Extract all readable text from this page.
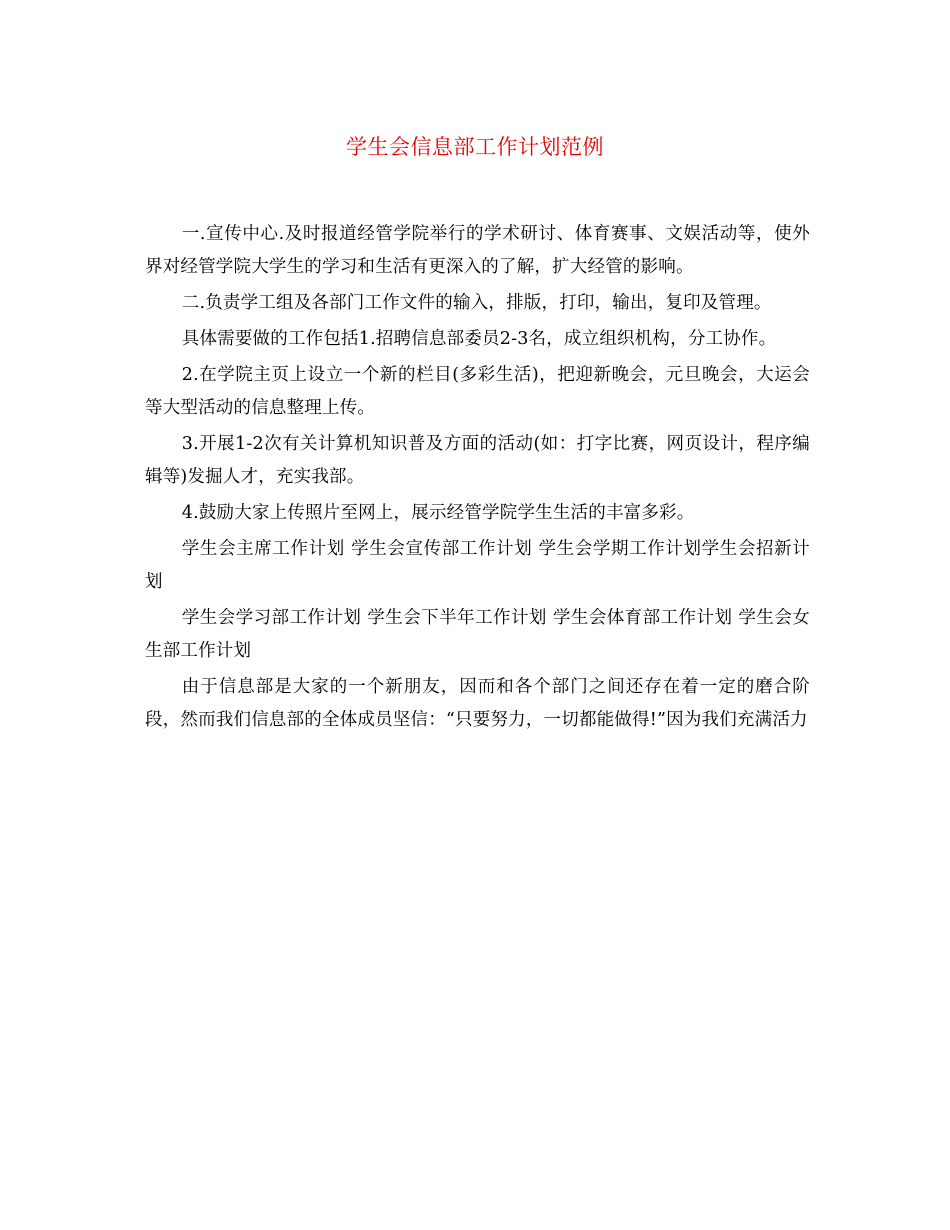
学生会信息部工作计划范例

一.宣传中心.及时报道经管学院举行的学术研讨、体育赛事、文娱活动等，使外界对经管学院大学生的学习和生活有更深入的了解，扩大经管的影响。

二.负责学工组及各部门工作文件的输入，排版，打印，输出，复印及管理。

具体需要做的工作包括1.招聘信息部委员2-3名，成立组织机构，分工协作。

2.在学院主页上设立一个新的栏目(多彩生活)，把迎新晚会，元旦晚会，大运会等大型活动的信息整理上传。

3.开展1-2次有关计算机知识普及方面的活动(如：打字比赛，网页设计，程序编辑等)发掘人才，充实我部。

4.鼓励大家上传照片至网上，展示经管学院学生生活的丰富多彩。

学生会主席工作计划 学生会宣传部工作计划 学生会学期工作计划学生会招新计划

学生会学习部工作计划 学生会下半年工作计划 学生会体育部工作计划 学生会女生部工作计划

由于信息部是大家的一个新朋友，因而和各个部门之间还存在着一定的磨合阶段，然而我们信息部的全体成员坚信：“只要努力，一切都能做得!”因为我们充满活力
